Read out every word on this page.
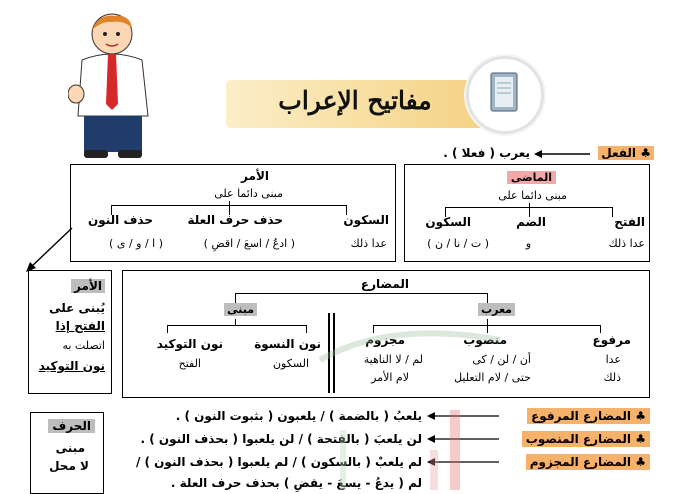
مفاتيح الإعراب
♣ الفعل
يعرب ( فعلا ) .
الماضى
مبنى دائما على
الفتح
الضم
السكون
عدا ذلك
و
( ت / نا / ن )
الأمر
مبنى دائما على
السكون
حذف حرف العلة
حذف النون
عدا ذلك
( ادعُ / اسعَ / اقضِ )
( ا / و / ى )
الأمر
يُبنى على
الفتح إذا
اتصلت به
نون التوكيد
المضارع
معرب
مبنى
مرفوع
منصوب
مجزوم
عدا
ذلك
أن / لن / كى
حتى / لام التعليل
لم / لا الناهية
لام الأمر
نون النسوة
نون التوكيد
السكون
الفتح
الحرف
مبنى
لا محل
♣ المضارع المرفوع
♣ المضارع المنصوب
♣ المضارع المجزوم
يلعبُ ( بالضمة ) / يلعبون ( بثبوت النون ) .
لن يلعبَ ( بالفتحة ) / لن يلعبوا ( بحذف النون ) .
لم يلعبْ ( بالسكون ) / لم يلعبوا ( بحذف النون ) /
لم ( يدعُ - يسعَ - يقضِ ) بحذف حرف العلة .
